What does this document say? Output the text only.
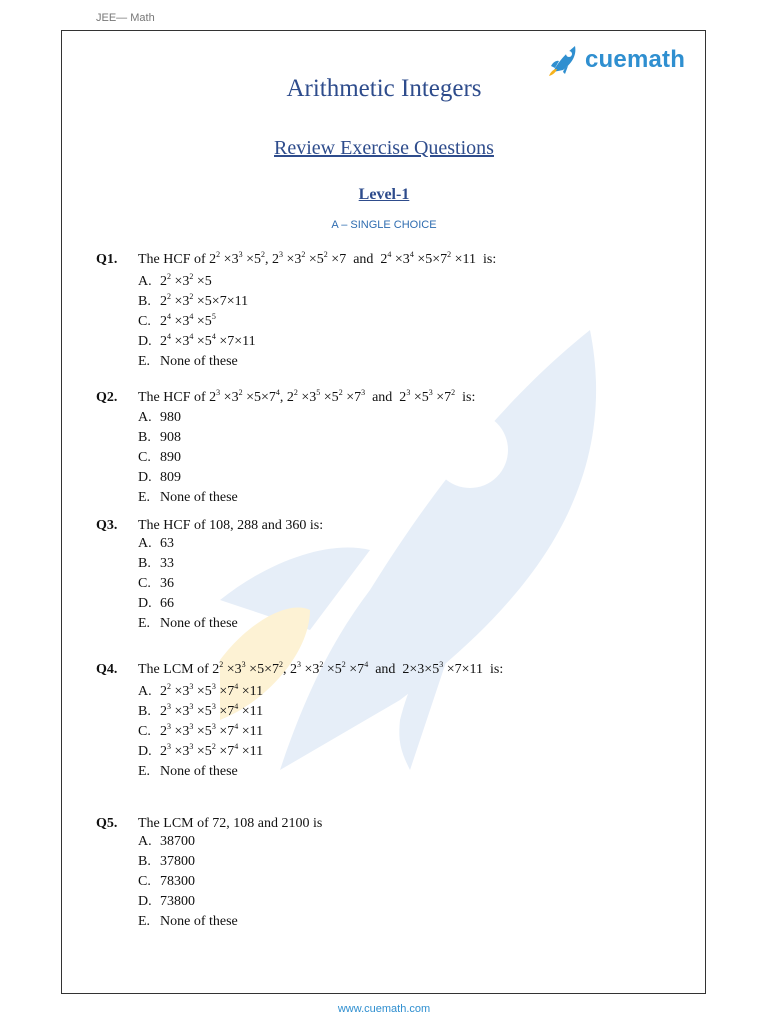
JEE— Math
cuemath
Arithmetic Integers
Review Exercise Questions
Level-1
A – SINGLE CHOICE
Q1. The HCF of $2^2 \times 3^3 \times 5^2$, $2^3 \times 3^2 \times 5^2 \times 7$  and  $2^4 \times 3^4 \times 5\times 7^2 \times 11$  is:
A. $2^2 \times 3^2 \times 5$
B. $2^2 \times 3^2 \times 5\times 7\times 11$
C. $2^4 \times 3^4 \times 5^5$
D. $2^4 \times 3^4 \times 5^4 \times 7\times 11$
E. None of these
Q2. The HCF of $2^3 \times 3^2 \times 5\times 7^4$, $2^2 \times 3^5 \times 5^2 \times 7^3$  and  $2^3 \times 5^3 \times 7^2$  is:
A. 980
B. 908
C. 890
D. 809
E. None of these
Q3. The HCF of 108, 288 and 360 is:
A. 63
B. 33
C. 36
D. 66
E. None of these
Q4. The LCM of $2^2 \times 3^3 \times 5\times 7^2$, $2^3 \times 3^2 \times 5^2 \times 7^4$  and  $2\times 3\times 5^3 \times 7\times 11$  is:
A. $2^2 \times 3^3 \times 5^3 \times 7^4 \times 11$
B. $2^3 \times 3^3 \times 5^3 \times 7^4 \times 11$
C. $2^3 \times 3^3 \times 5^3 \times 7^4 \times 11$
D. $2^3 \times 3^3 \times 5^2 \times 7^4 \times 11$
E. None of these
Q5. The LCM of 72, 108 and 2100 is
A. 38700
B. 37800
C. 78300
D. 73800
E. None of these
www.cuemath.com
